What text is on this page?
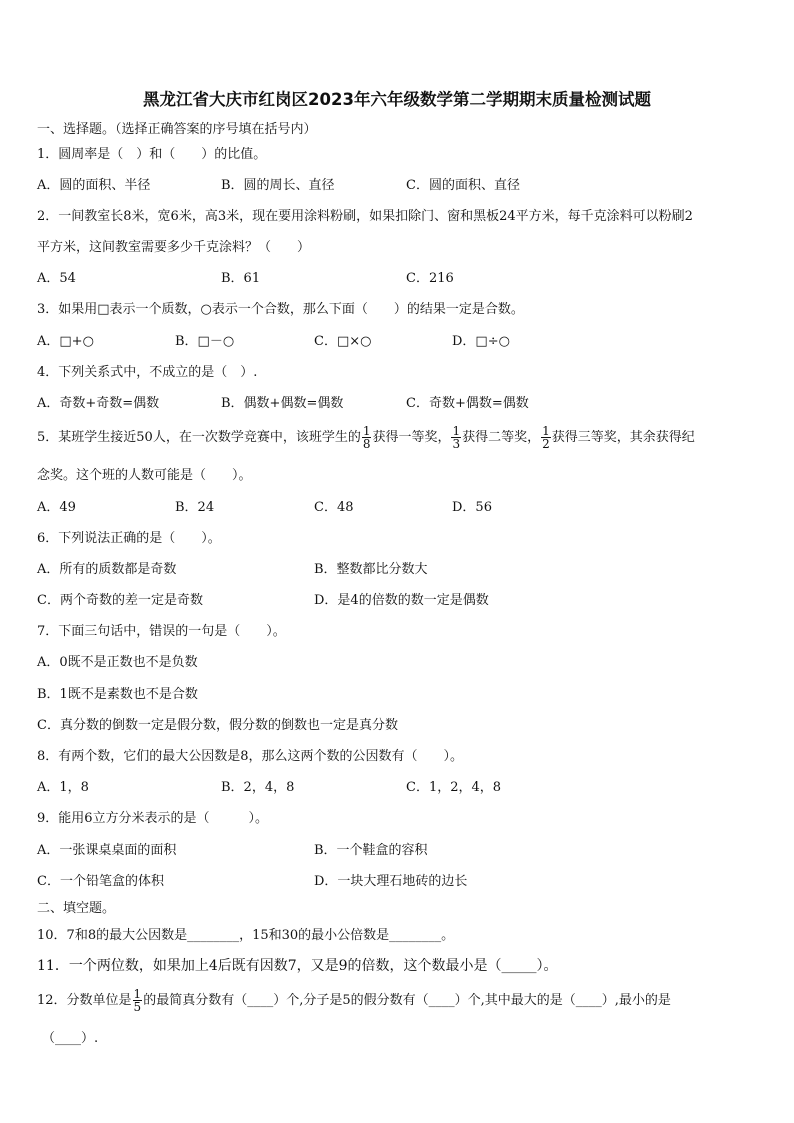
黑龙江省大庆市红岗区2023年六年级数学第二学期期末质量检测试题
一、选择题。（选择正确答案的序号填在括号内）
1．圆周率是（　）和（　　）的比值。
A．圆的面积、半径	B．圆的周长、直径	C．圆的面积、直径
2．一间教室长8米，宽6米，高3米，现在要用涂料粉刷，如果扣除门、窗和黑板24平方米，每千克涂料可以粉刷2
平方米，这间教室需要多少千克涂料？（　　）
A．54	B．61	C．216
3．如果用□表示一个质数，○表示一个合数，那么下面（　　）的结果一定是合数。
A．□+○	B．□－○	C．□×○	D．□÷○
4．下列关系式中，不成立的是（　）.
A．奇数+奇数=偶数	B．偶数+偶数=偶数	C．奇数+偶数=偶数
5．某班学生接近50人，在一次数学竞赛中，该班学生的 $\frac{1}{8}$ 获得一等奖， $\frac{1}{3}$ 获得二等奖， $\frac{1}{2}$ 获得三等奖，其余获得纪
念奖。这个班的人数可能是（　　）。
A．49	B．24	C．48	D．56
6．下列说法正确的是（　　）。
A．所有的质数都是奇数	B．整数都比分数大
C．两个奇数的差一定是奇数	D．是4的倍数的数一定是偶数
7．下面三句话中，错误的一句是（　　）。
A．0既不是正数也不是负数
B．1既不是素数也不是合数
C．真分数的倒数一定是假分数，假分数的倒数也一定是真分数
8．有两个数，它们的最大公因数是8，那么这两个数的公因数有（　　）。
A．1，8	B．2，4，8	C．1，2，4，8
9．能用6立方分米表示的是（　　　）。
A．一张课桌桌面的面积	B．一个鞋盒的容积
C．一个铅笔盒的体积	D．一块大理石地砖的边长
二、填空题。
10．7和8的最大公因数是________，15和30的最小公倍数是________。
11．一个两位数，如果加上4后既有因数7，又是9的倍数，这个数最小是（_____）。
12．分数单位是 $\frac{1}{5}$ 的最简真分数有（____）个,分子是5的假分数有（____）个,其中最大的是（____）,最小的是
（____）.
